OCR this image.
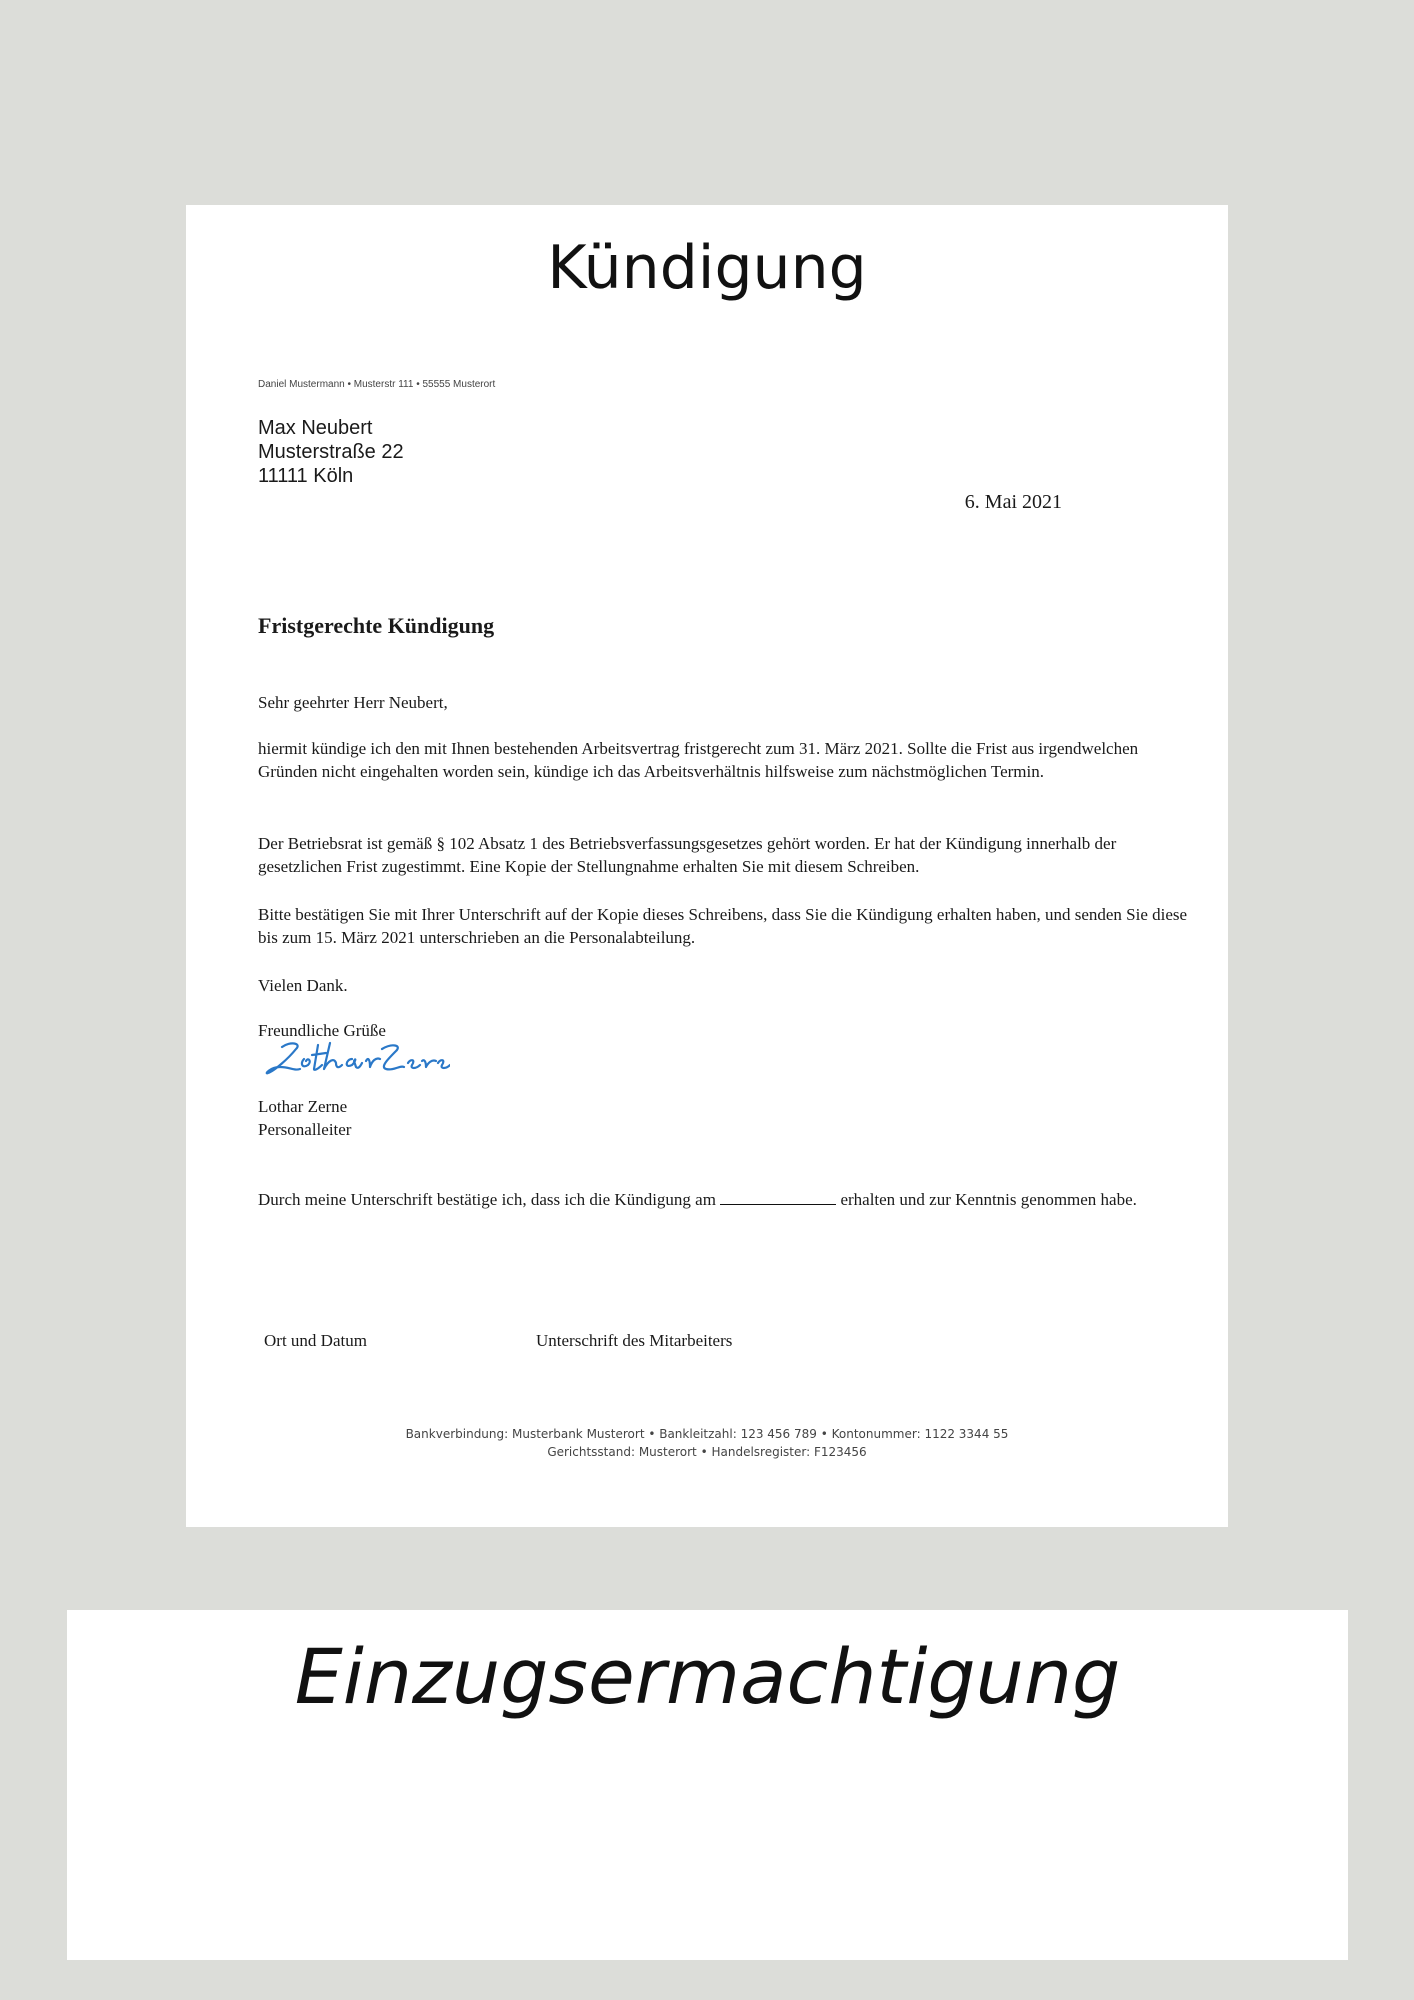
Kündigung
Daniel Mustermann • Musterstr 111 • 55555 Musterort
Max Neubert
Musterstraße 22
11111 Köln
6. Mai 2021
Fristgerechte Kündigung
Sehr geehrter Herr Neubert,
hiermit kündige ich den mit Ihnen bestehenden Arbeitsvertrag fristgerecht zum 31. März 2021. Sollte die Frist aus irgendwelchen Gründen nicht eingehalten worden sein, kündige ich das Arbeitsverhältnis hilfsweise zum nächstmöglichen Termin.
Der Betriebsrat ist gemäß § 102 Absatz 1 des Betriebsverfassungsgesetzes gehört worden. Er hat der Kündigung innerhalb der gesetzlichen Frist zugestimmt. Eine Kopie der Stellungnahme erhalten Sie mit diesem Schreiben.
Bitte bestätigen Sie mit Ihrer Unterschrift auf der Kopie dieses Schreibens, dass Sie die Kündigung erhalten haben, und senden Sie diese bis zum 15. März 2021 unterschrieben an die Personalabteilung.
Vielen Dank.
Freundliche Grüße
Lothar Zerne
Personalleiter
Durch meine Unterschrift bestätige ich, dass ich die Kündigung am	erhalten und zur Kenntnis genommen habe.
Ort und Datum	Unterschrift des Mitarbeiters
Bankverbindung: Musterbank Musterort • Bankleitzahl: 123 456 789 • Kontonummer: 1122 3344 55
Gerichtsstand: Musterort • Handelsregister: F123456
Einzugsermachtigung
